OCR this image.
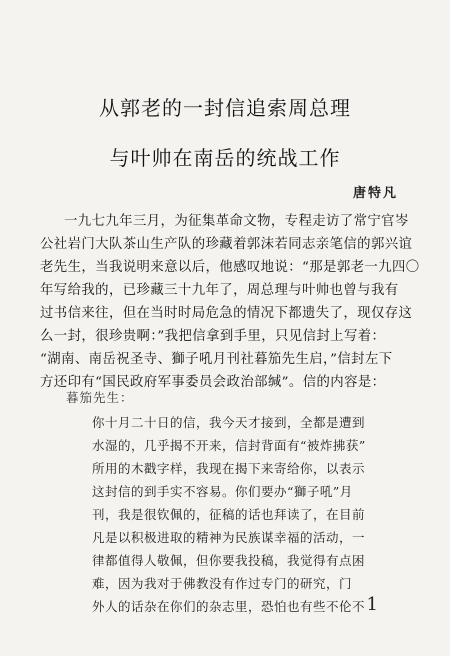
从郭老的一封信追索周总理
与叶帅在南岳的统战工作
唐特凡
一九七九年三月，为征集革命文物，专程走访了常宁官岑
公社岩门大队茶山生产队的珍藏着郭沫若同志亲笔信的郭兴谊
老先生，当我说明来意以后，他感叹地说：“那是郭老一九四〇
年写给我的，已珍藏三十九年了，周总理与叶帅也曾与我有
过书信来往，但在当时时局危急的情况下都遗失了，现仅存这
么一封，很珍贵啊：”我把信拿到手里，只见信封上写着：
“湖南、南岳祝圣寺、獅子吼月刊社暮笳先生启，”信封左下
方还印有“国民政府军事委员会政治部缄”。信的内容是：
暮笳先生：
你十月二十日的信，我今天才接到，全都是遭到
水湿的，几乎揭不开来，信封背面有“被炸拂获”
所用的木戳字样，我现在揭下来寄给你，以表示
这封信的到手实不容易。你们要办“獅子吼”月
刊，我是很钦佩的，征稿的话也拜读了，在目前
凡是以积极进取的精神为民族谋幸福的活动，一
律都值得人敬佩，但你要我投稿，我觉得有点困
难，因为我对于佛教没有作过专门的研究，门
外人的话杂在你们的杂志里，恐怕也有些不伦不 1
